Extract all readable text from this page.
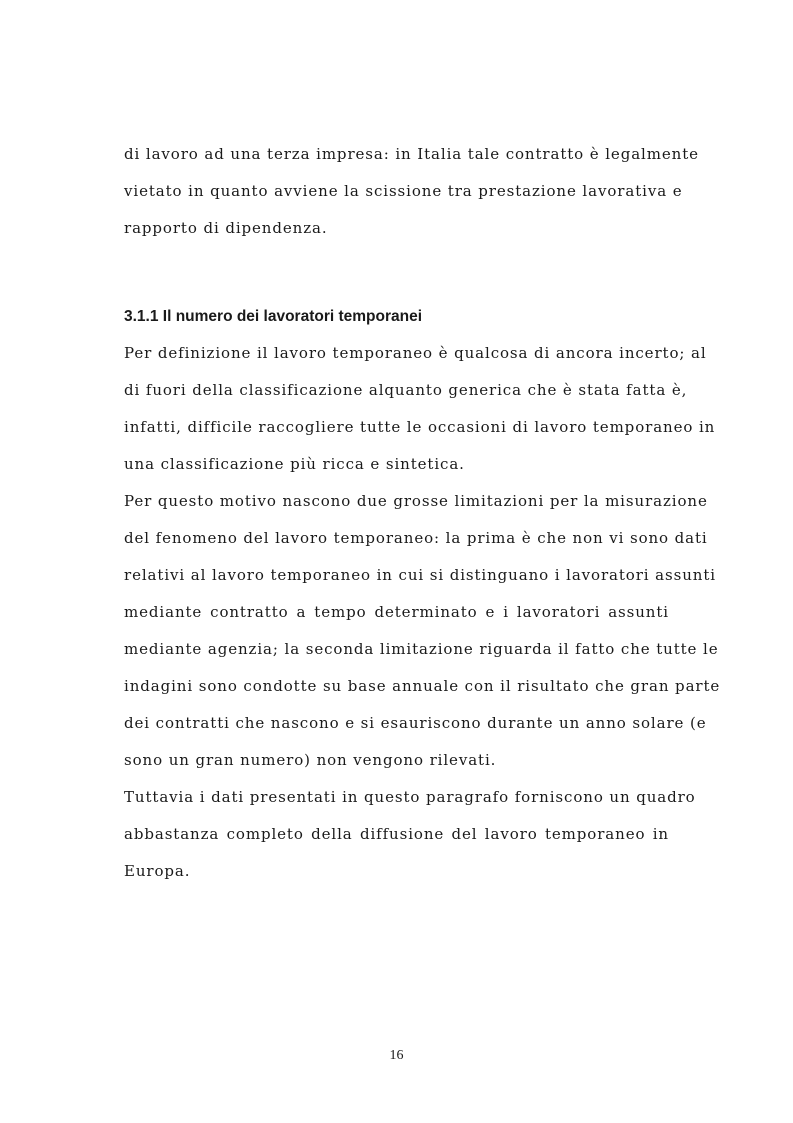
di lavoro ad una terza impresa: in Italia tale contratto è legalmente
vietato in quanto avviene la scissione tra prestazione lavorativa e
rapporto di dipendenza.
3.1.1 Il numero dei lavoratori temporanei
Per definizione il lavoro temporaneo è qualcosa di ancora incerto; al
di fuori della classificazione alquanto generica che è stata fatta è,
infatti, difficile raccogliere tutte le occasioni di lavoro temporaneo in
una classificazione più ricca e sintetica.
Per questo motivo nascono due grosse limitazioni per la misurazione
del fenomeno del lavoro temporaneo: la prima è che non vi sono dati
relativi al lavoro temporaneo in cui si distinguano i lavoratori assunti
mediante contratto a tempo determinato e i lavoratori assunti
mediante agenzia; la seconda limitazione riguarda il fatto che tutte le
indagini sono condotte su base annuale con il risultato che gran parte
dei contratti che nascono e si esauriscono durante un anno solare (e
sono un gran numero) non vengono rilevati.
Tuttavia i dati presentati in questo paragrafo forniscono un quadro
abbastanza completo della diffusione del lavoro temporaneo in
Europa.
16
